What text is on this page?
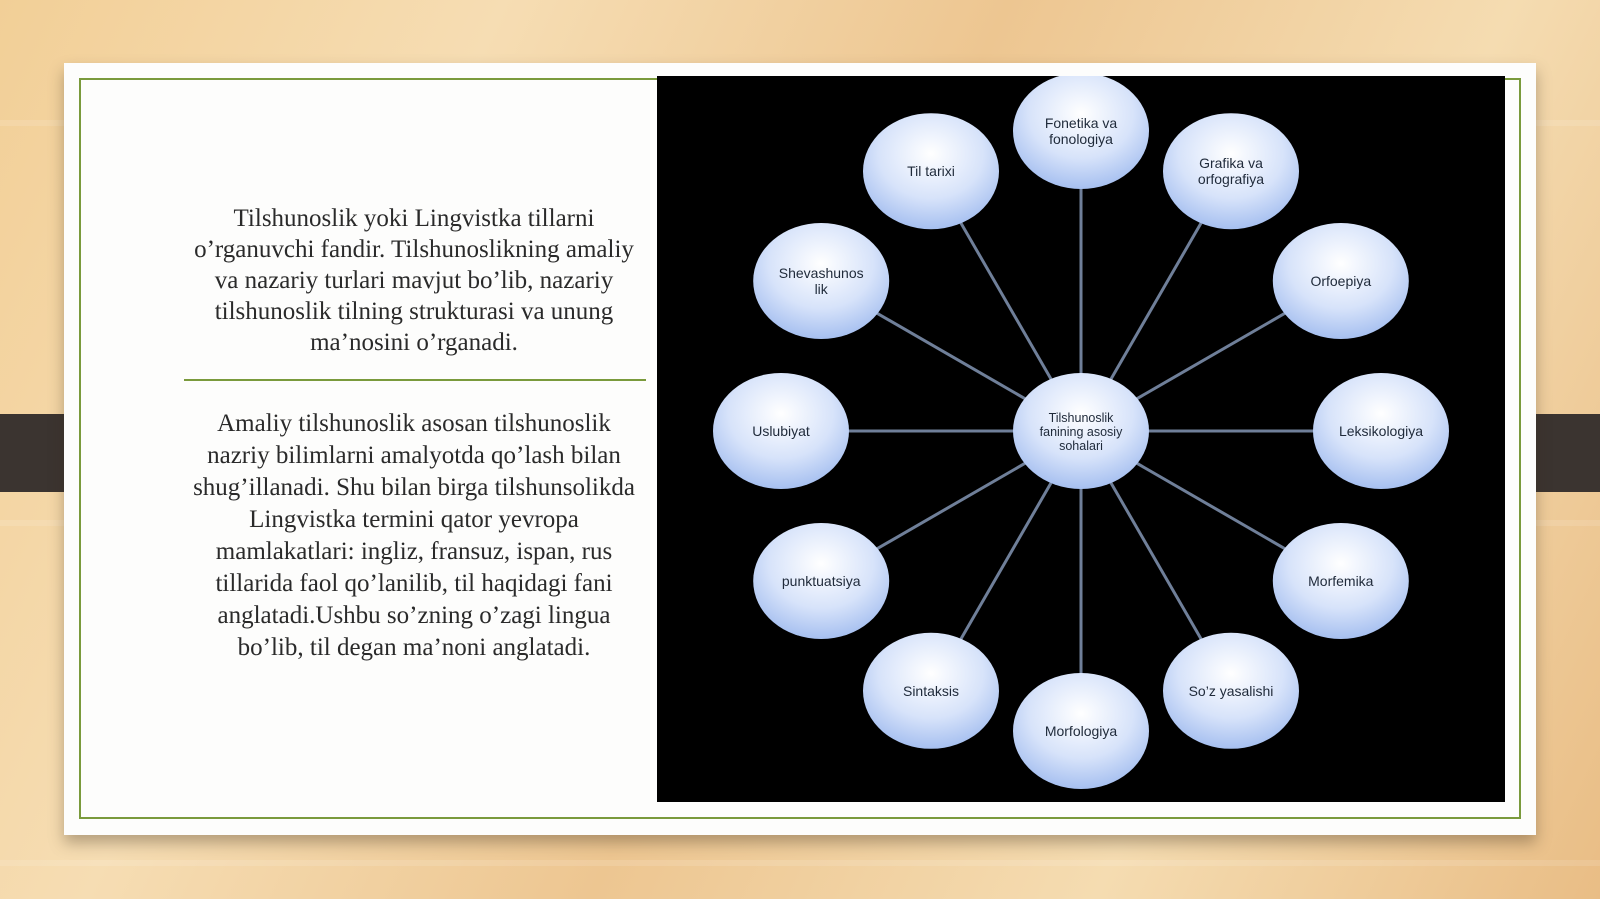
Tilshunoslik yoki Lingvistka tillarni o’rganuvchi fandir. Tilshunoslikning amaliy va nazariy turlari mavjut bo’lib, nazariy tilshunoslik tilning strukturasi va unung ma’nosini o’rganadi.
Amaliy tilshunoslik asosan tilshunoslik nazriy bilimlarni amalyotda qo’lash bilan shug’illanadi. Shu bilan birga tilshunsolikda Lingvistka termini qator yevropa mamlakatlari: ingliz, fransuz, ispan, rus tillarida faol qo’lanilib, til haqidagi fani anglatadi.Ushbu so’zning o’zagi lingua bo’lib, til degan ma’noni anglatadi.
Fonetika va
fonologiya
Grafika va
orfografiya
Orfoepiya
Leksikologiya
Morfemika
So’z yasalishi
Morfologiya
Sintaksis
punktuatsiya
Uslubiyat
Shevashunos
lik
Til tarixi
Tilshunoslik
fanining asosiy
sohalari
